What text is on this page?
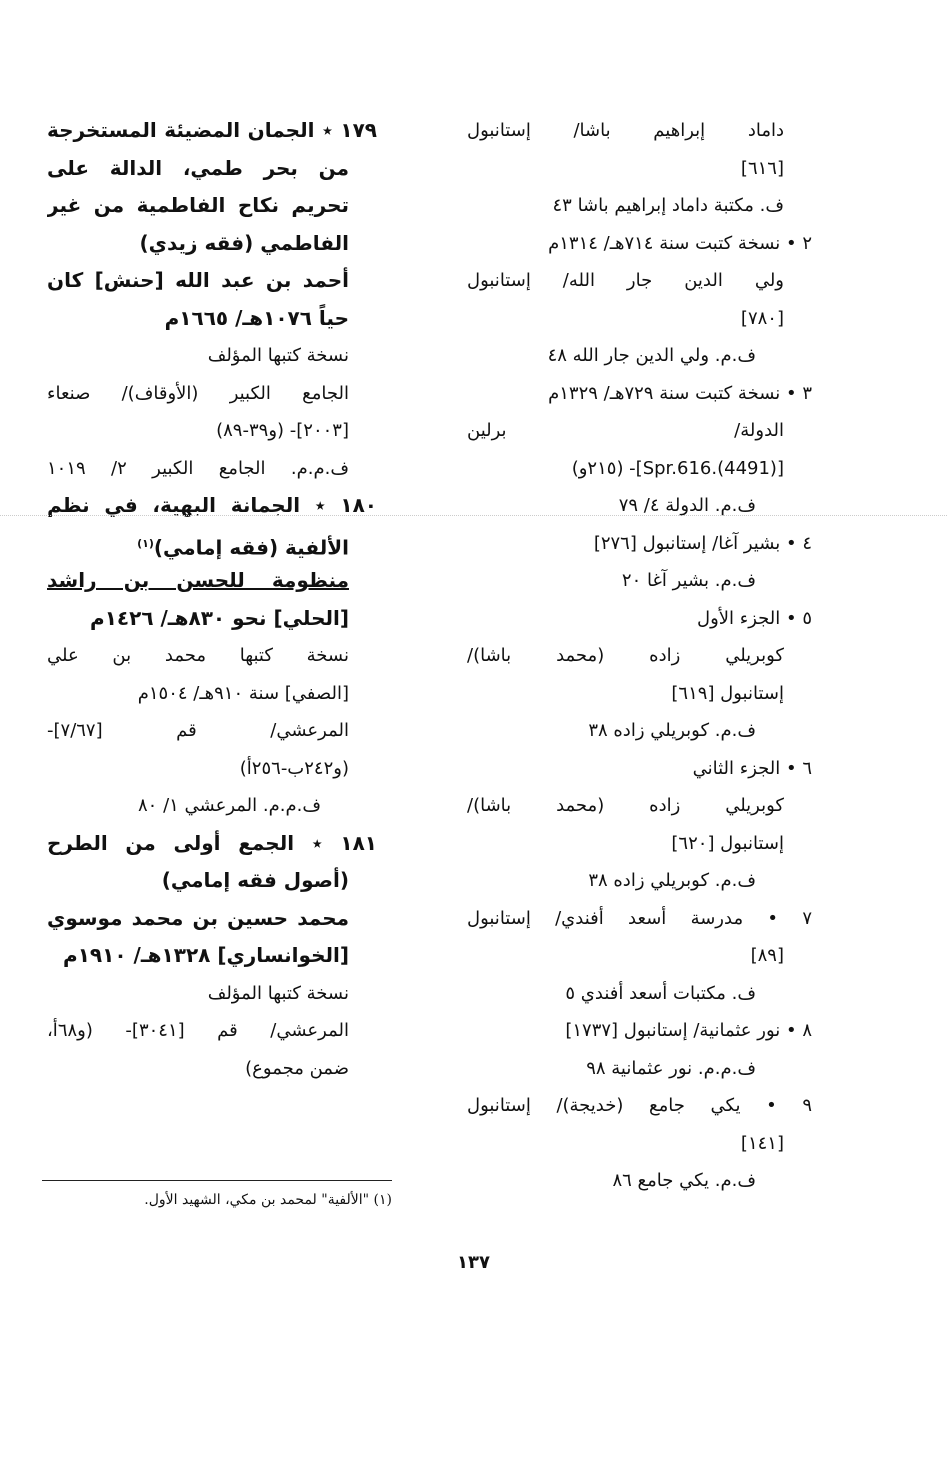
داماد إبراهيم باشا/ إستانبول
[٦١٦]
ف. مكتبة داماد إبراهيم باشا ٤٣
٢ • نسخة كتبت سنة ٧١٤هـ/ ١٣١٤م
ولي الدين جار الله/ إستانبول
[٧٨٠]
ف.م. ولي الدين جار الله ٤٨
٣ • نسخة كتبت سنة ٧٢٩هـ/ ١٣٢٩م
الدولة/ برلين
[Spr.616.(4491)]- (٢١٥و)
ف.م. الدولة ٤/ ٧٩
٤ • بشير آغا/ إستانبول [٢٧٦]
ف.م. بشير آغا ٢٠
٥ • الجزء الأول
كوبريلي زاده (محمد باشا)/
إستانبول [٦١٩]
ف.م. كوبريلي زاده ٣٨
٦ • الجزء الثاني
كوبريلي زاده (محمد باشا)/
إستانبول [٦٢٠]
ف.م. كوبريلي زاده ٣٨
٧ • مدرسة أسعد أفندي/ إستانبول
[٨٩]
ف. مكتبات أسعد أفندي ٥
٨ • نور عثمانية/ إستانبول [١٧٣٧]
ف.م.م. نور عثمانية ٩٨
٩ • يكي جامع (خديجة)/ إستانبول
[١٤١]
ف.م. يكي جامع ٨٦
١٧٩ ٭ الجمان المضيئة المستخرجة
من بحر طمي، الدالة على
تحريم نكاح الفاطمية من غير
الفاطمي (فقه زيدي)
أحمد بن عبد الله [حنش] كان
حياً ١٠٧٦هـ/ ١٦٦٥م
نسخة كتبها المؤلف
الجامع الكبير (الأوقاف)/ صنعاء
[٢٠٠٣]- (و٣٩-٨٩)
ف.م.م. الجامع الكبير ٢/ ١٠١٩
١٨٠ ٭ الجمانة البهية، في نظم
الألفية (فقه إمامي)$^{(١)}$
منظومة للحسن بن راشد
[الحلي] نحو ٨٣٠هـ/ ١٤٢٦م
نسخة كتبها محمد بن علي
[الصفي] سنة ٩١٠هـ/ ١٥٠٤م
المرعشي/ قم [٧/٦٧]-
(و٢٤٢ب-٢٥٦أ)
ف.م.م. المرعشي ١/ ٨٠
١٨١ ٭ الجمع أولى من الطرح
(أصول فقه إمامي)
محمد حسين بن محمد موسوي
[الخوانساري] ١٣٢٨هـ/ ١٩١٠م
نسخة كتبها المؤلف
المرعشي/ قم [٣٠٤١]- (و٦٨أ،
ضمن مجموع)
(١) "الألفية" لمحمد بن مكي، الشهيد الأول.
١٣٧
